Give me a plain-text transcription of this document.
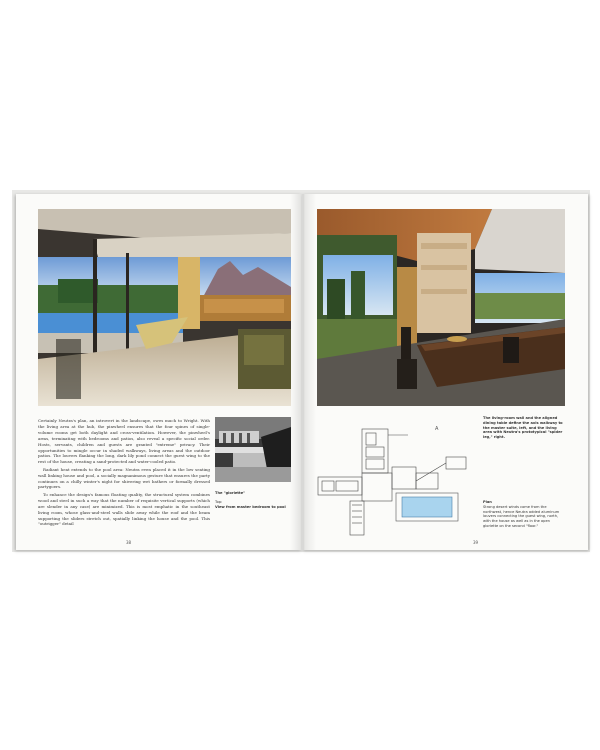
A

Certainly Neutra's plan, an introvert in the landscape, owes much to Wright. With the living area at the hub, the pinwheel ensures that the four spines of single-volume rooms get both daylight and cross-ventilation. However, the pinwheel's arms, terminating with bedrooms and patios, also reveal a specific social order. Hosts, servants, children and guests are granted "extreme" privacy. Their opportunities to mingle occur in shaded walkways, living areas and the outdoor patios. The louvers flanking the long, dark lily pond connect the guest wing to the rest of the house, creating a sand-protected and water-cooled patio.

Radiant heat extends to the pool area: Neutra even placed it in the low seating wall linking house and pool, a socially magnanimous gesture that ensures the party continues on a chilly winter's night for shivering wet bathers or formally dressed partygoers.

To enhance the design's famous floating quality, the structural system combines wood and steel in such a way that the number of requisite vertical supports (which are slender in any case) are minimized. This is most emphatic in the southeast living room, whose glass-and-steel walls slide away while the roof and the beam supporting the sliders stretch out, spatially linking the house and the pool. This "outrigger" detail

The "gloriette"
Top:
View from master bedroom to pool
38
The living-room wall and the aligned dining table define the axis walkway to the master suite, left, and the living area with Neutra's prototypical "spider leg," right.
Plan
Strong desert winds come from the northwest, hence Neutra added aluminum louvers connecting the guest wing, north, with the house as well as in the open gloriette on the second "floor."
39
